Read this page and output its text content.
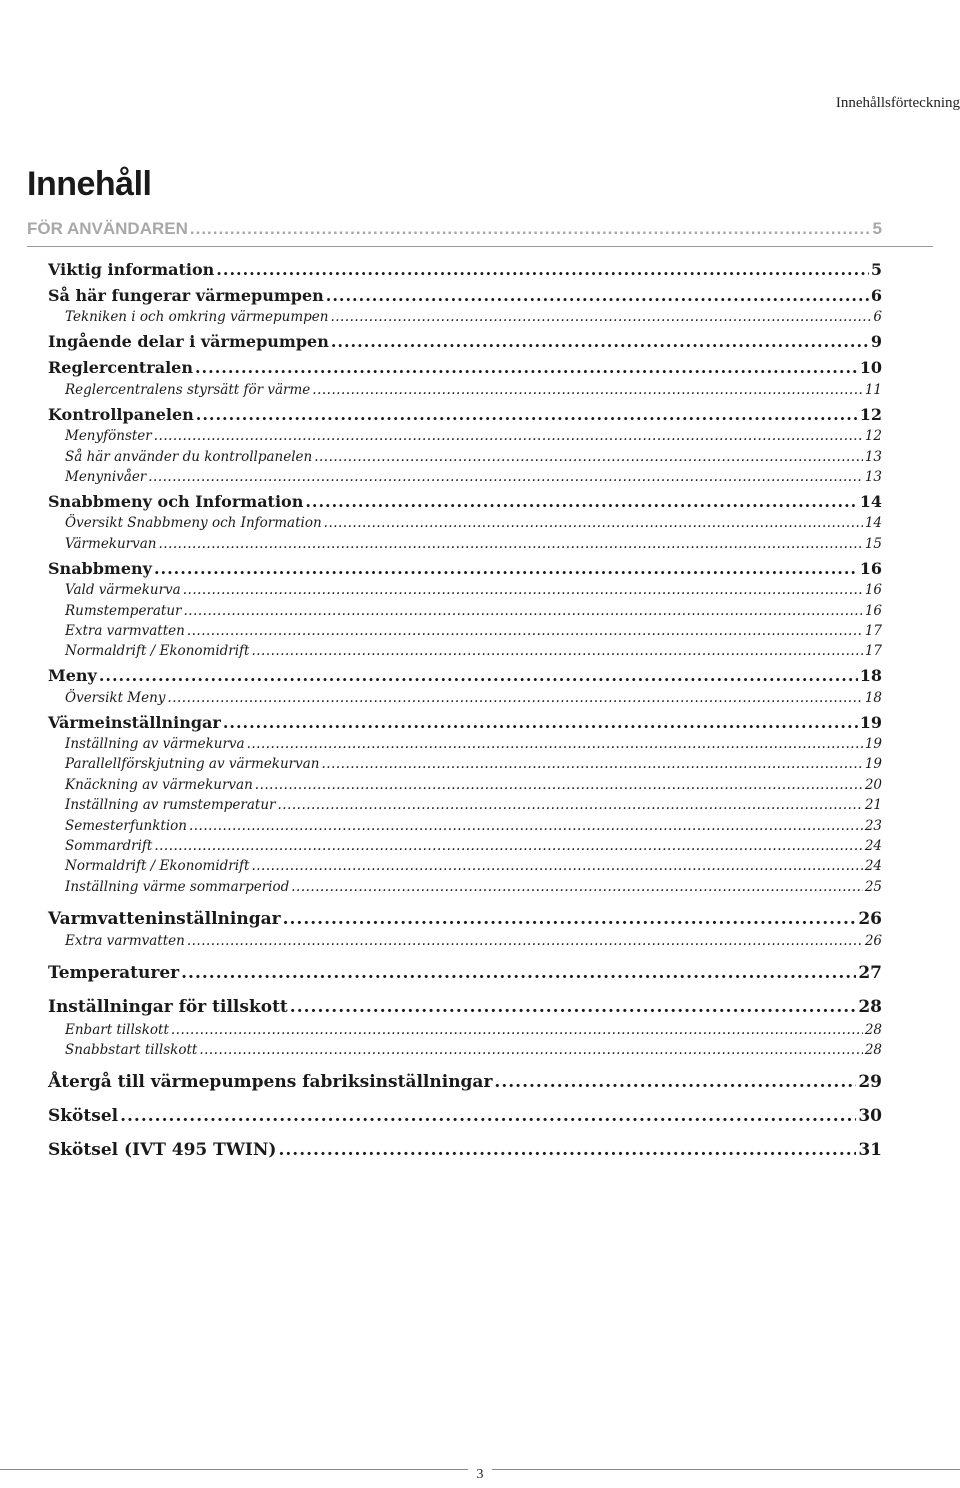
Innehållsförteckning
Innehåll
FÖR ANVÄNDAREN .....	5
Viktig information .....	5
Så här fungerar värmepumpen .....	6
Tekniken i och omkring värmepumpen .....	6
Ingående delar i värmepumpen .....	9
Reglercentralen .....	10
Reglercentralens styrsätt för värme .....	11
Kontrollpanelen .....	12
Menyfönster .....	12
Så här använder du kontrollpanelen .....	13
Menynivåer .....	13
Snabbmeny och Information .....	14
Översikt Snabbmeny och Information .....	14
Värmekurvan .....	15
Snabbmeny .....	16
Vald värmekurva .....	16
Rumstemperatur .....	16
Extra varmvatten .....	17
Normaldrift / Ekonomidrift .....	17
Meny .....	18
Översikt Meny .....	18
Värmeinställningar .....	19
Inställning av värmekurva .....	19
Parallellförskjutning av värmekurvan .....	19
Knäckning av värmekurvan .....	20
Inställning av rumstemperatur .....	21
Semesterfunktion .....	23
Sommardrift .....	24
Normaldrift / Ekonomidrift .....	24
Inställning värme sommarperiod .....	25
Varmvatteninställningar .....	26
Extra varmvatten .....	26
Temperaturer .....	27
Inställningar för tillskott .....	28
Enbart tillskott .....	28
Snabbstart tillskott .....	28
Återgå till värmepumpens fabriksinställningar .....	29
Skötsel .....	30
Skötsel (IVT 495 TWIN) .....	31
3
